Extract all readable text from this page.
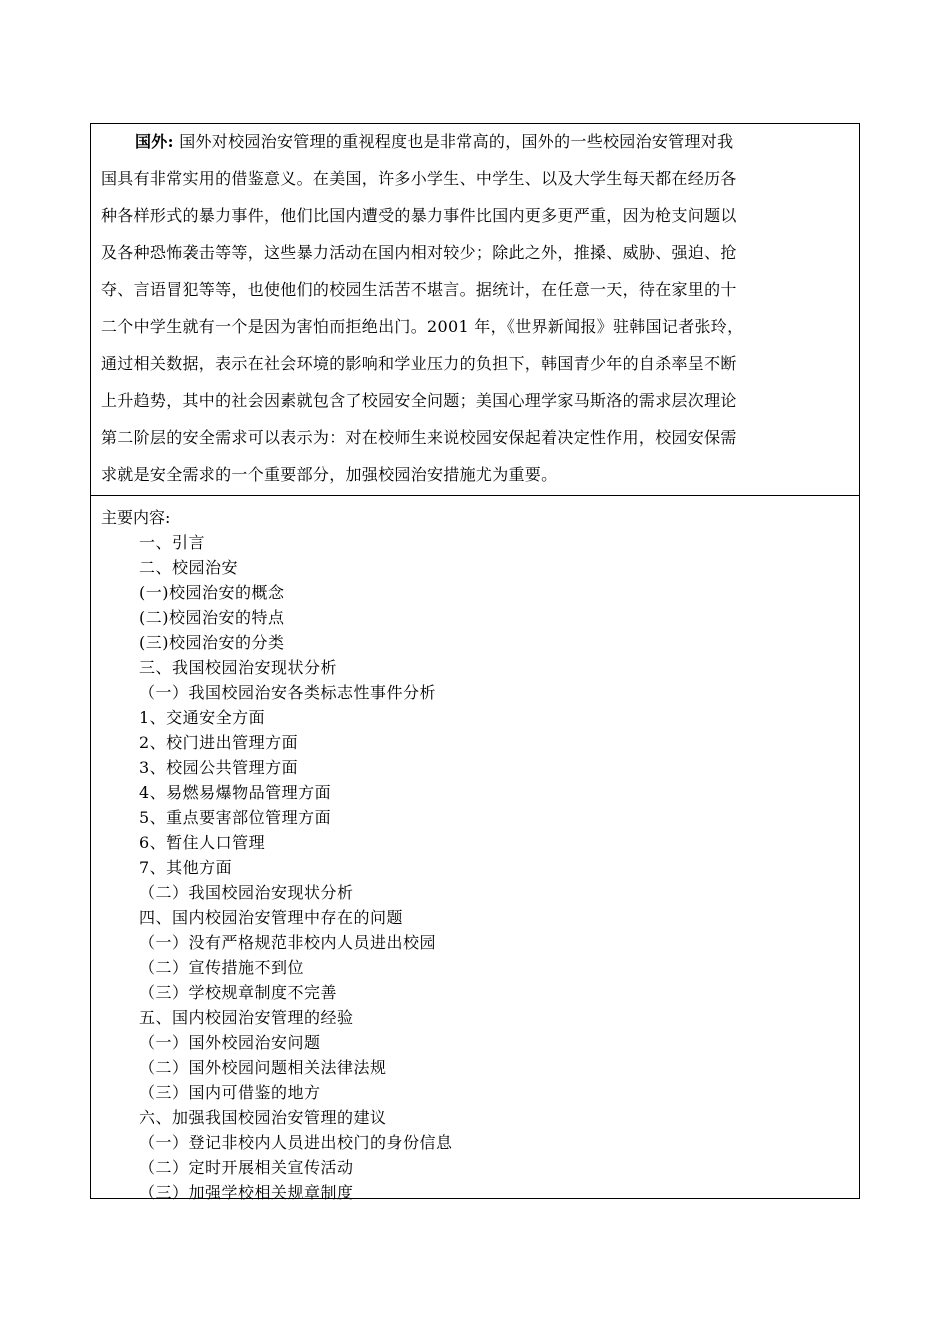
国外: 国外对校园治安管理的重视程度也是非常高的，国外的一些校园治安管理对我
国具有非常实用的借鉴意义。在美国，许多小学生、中学生、以及大学生每天都在经历各
种各样形式的暴力事件，他们比国内遭受的暴力事件比国内更多更严重，因为枪支问题以
及各种恐怖袭击等等，这些暴力活动在国内相对较少；除此之外，推搡、威胁、强迫、抢
夺、言语冒犯等等，也使他们的校园生活苦不堪言。据统计，在任意一天，待在家里的十
二个中学生就有一个是因为害怕而拒绝出门。2001 年，《世界新闻报》驻韩国记者张玲，
通过相关数据，表示在社会环境的影响和学业压力的负担下，韩国青少年的自杀率呈不断
上升趋势，其中的社会因素就包含了校园安全问题；美国心理学家马斯洛的需求层次理论
第二阶层的安全需求可以表示为：对在校师生来说校园安保起着决定性作用，校园安保需
求就是安全需求的一个重要部分，加强校园治安措施尤为重要。
主要内容:
一、引言
二、校园治安
(一)校园治安的概念
(二)校园治安的特点
(三)校园治安的分类
三、我国校园治安现状分析
（一）我国校园治安各类标志性事件分析
1、交通安全方面
2、校门进出管理方面
3、校园公共管理方面
4、易燃易爆物品管理方面
5、重点要害部位管理方面
6、暂住人口管理
7、其他方面
（二）我国校园治安现状分析
四、国内校园治安管理中存在的问题
（一）没有严格规范非校内人员进出校园
（二）宣传措施不到位
（三）学校规章制度不完善
五、国内校园治安管理的经验
（一）国外校园治安问题
（二）国外校园问题相关法律法规
（三）国内可借鉴的地方
六、加强我国校园治安管理的建议
（一）登记非校内人员进出校门的身份信息
（二）定时开展相关宣传活动
（三）加强学校相关规章制度
